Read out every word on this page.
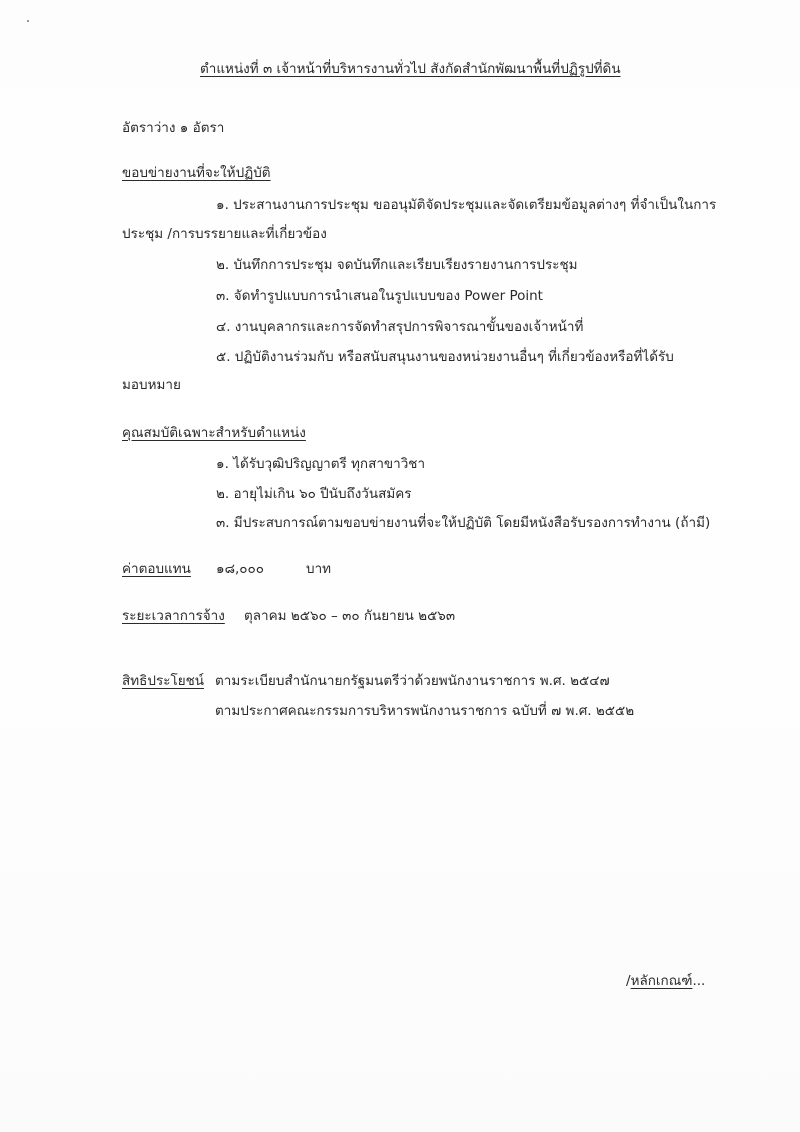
ตำแหน่งที่ ๓ เจ้าหน้าที่บริหารงานทั่วไป สังกัดสำนักพัฒนาพื้นที่ปฏิรูปที่ดิน
อัตราว่าง ๑ อัตรา
ขอบข่ายงานที่จะให้ปฏิบัติ
๑. ประสานงานการประชุม ขออนุมัติจัดประชุมและจัดเตรียมข้อมูลต่างๆ ที่จำเป็นในการ
ประชุม /การบรรยายและที่เกี่ยวข้อง
๒. บันทึกการประชุม จดบันทึกและเรียบเรียงรายงานการประชุม
๓. จัดทำรูปแบบการนำเสนอในรูปแบบของ Power Point
๔. งานบุคลากรและการจัดทำสรุปการพิจารณาขั้นของเจ้าหน้าที่
๕. ปฏิบัติงานร่วมกับ หรือสนับสนุนงานของหน่วยงานอื่นๆ ที่เกี่ยวข้องหรือที่ได้รับ
มอบหมาย
คุณสมบัติเฉพาะสำหรับตำแหน่ง
๑. ได้รับวุฒิปริญญาตรี ทุกสาขาวิชา
๒. อายุไม่เกิน ๖๐ ปีนับถึงวันสมัคร
๓. มีประสบการณ์ตามขอบข่ายงานที่จะให้ปฏิบัติ โดยมีหนังสือรับรองการทำงาน (ถ้ามี)
ค่าตอบแทน ๑๘,๐๐๐	บาท
ระยะเวลาการจ้าง ตุลาคม ๒๕๖๐ – ๓๐ กันยายน ๒๕๖๓
สิทธิประโยชน์ ตามระเบียบสำนักนายกรัฐมนตรีว่าด้วยพนักงานราชการ พ.ศ. ๒๕๔๗
ตามประกาศคณะกรรมการบริหารพนักงานราชการ ฉบับที่ ๗ พ.ศ. ๒๕๕๒
/หลักเกณฑ์...
